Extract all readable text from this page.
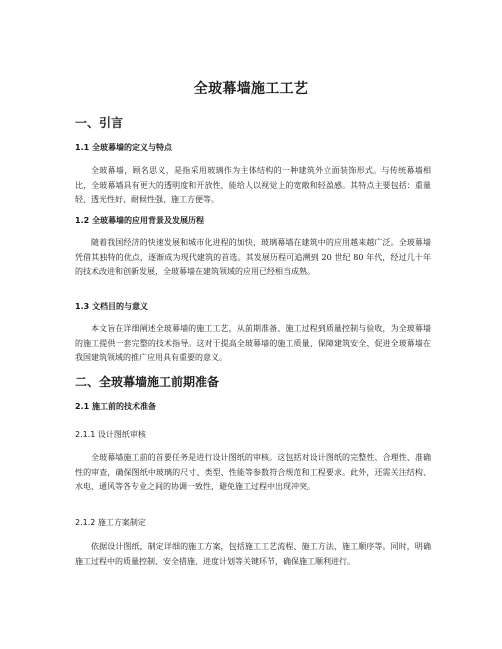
全玻幕墙施工工艺
一、引言
1.1 全玻幕墙的定义与特点
全玻幕墙，顾名思义，是指采用玻璃作为主体结构的一种建筑外立面装饰形式。与传统幕墙相比，全玻幕墙具有更大的透明度和开放性，能给人以视觉上的宽敞和轻盈感。其特点主要包括：重量轻、透光性好、耐候性强、施工方便等。
1.2 全玻幕墙的应用背景及发展历程
随着我国经济的快速发展和城市化进程的加快，玻璃幕墙在建筑中的应用越来越广泛。全玻幕墙凭借其独特的优点，逐渐成为现代建筑的首选。其发展历程可追溯到 20 世纪 80 年代，经过几十年的技术改进和创新发展，全玻幕墙在建筑领域的应用已经相当成熟。
1.3 文档目的与意义
本文旨在详细阐述全玻幕墙的施工工艺，从前期准备、施工过程到质量控制与验收，为全玻幕墙的施工提供一套完整的技术指导。这对于提高全玻幕墙的施工质量、保障建筑安全、促进全玻幕墙在我国建筑领域的推广应用具有重要的意义。
二、全玻幕墙施工前期准备
2.1 施工前的技术准备
2.1.1 设计图纸审核
全玻幕墙施工前的首要任务是进行设计图纸的审核。这包括对设计图纸的完整性、合理性、准确性的审查，确保图纸中玻璃的尺寸、类型、性能等参数符合规范和工程要求。此外，还需关注结构、水电、通风等各专业之间的协调一致性，避免施工过程中出现冲突。
2.1.2 施工方案制定
依据设计图纸，制定详细的施工方案，包括施工工艺流程、施工方法、施工顺序等。同时，明确施工过程中的质量控制、安全措施、进度计划等关键环节，确保施工顺利进行。
